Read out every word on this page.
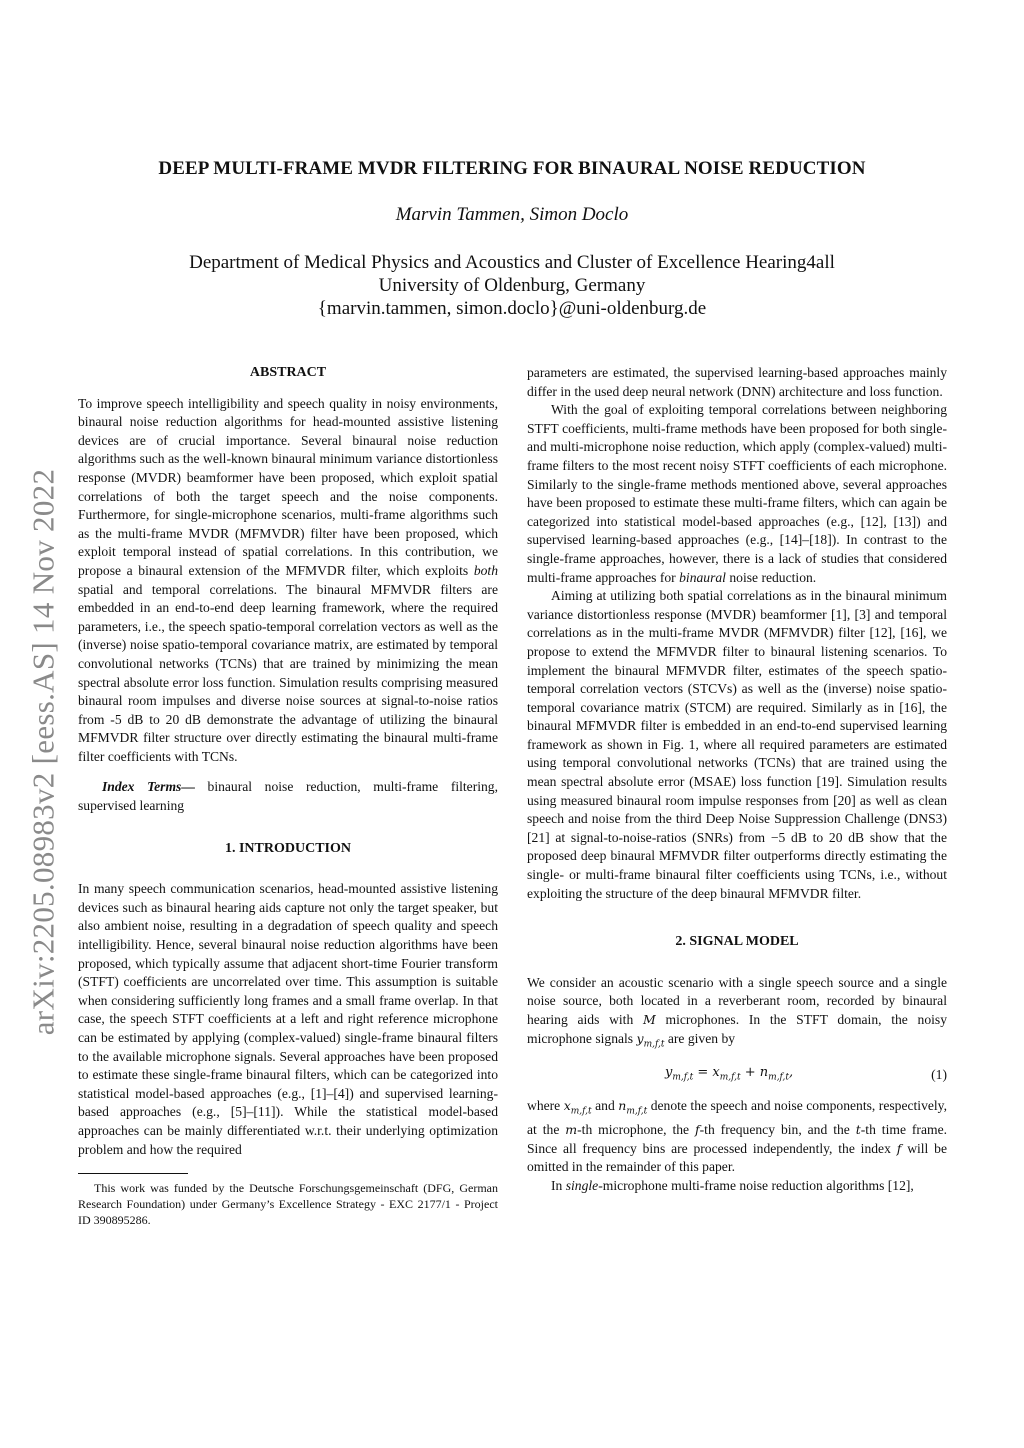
arXiv:2205.08983v2 [eess.AS] 14 Nov 2022
DEEP MULTI-FRAME MVDR FILTERING FOR BINAURAL NOISE REDUCTION
Marvin Tammen, Simon Doclo
Department of Medical Physics and Acoustics and Cluster of Excellence Hearing4all
University of Oldenburg, Germany
{marvin.tammen, simon.doclo}@uni-oldenburg.de
ABSTRACT

To improve speech intelligibility and speech quality in noisy environments, binaural noise reduction algorithms for head-mounted assistive listening devices are of crucial importance. Several binaural noise reduction algorithms such as the well-known binaural minimum variance distortionless response (MVDR) beamformer have been proposed, which exploit spatial correlations of both the target speech and the noise components. Furthermore, for single-microphone scenarios, multi-frame algorithms such as the multi-frame MVDR (MFMVDR) filter have been proposed, which exploit temporal instead of spatial correlations. In this contribution, we propose a binaural extension of the MFMVDR filter, which exploits both spatial and temporal correlations. The binaural MFMVDR filters are embedded in an end-to-end deep learning framework, where the required parameters, i.e., the speech spatio-temporal correlation vectors as well as the (inverse) noise spatio-temporal covariance matrix, are estimated by temporal convolutional networks (TCNs) that are trained by minimizing the mean spectral absolute error loss function. Simulation results comprising measured binaural room impulses and diverse noise sources at signal-to-noise ratios from -5 dB to 20 dB demonstrate the advantage of utilizing the binaural MFMVDR filter structure over directly estimating the binaural multi-frame filter coefficients with TCNs.

Index Terms— binaural noise reduction, multi-frame filtering, supervised learning

1. INTRODUCTION

In many speech communication scenarios, head-mounted assistive listening devices such as binaural hearing aids capture not only the target speaker, but also ambient noise, resulting in a degradation of speech quality and speech intelligibility. Hence, several binaural noise reduction algorithms have been proposed, which typically assume that adjacent short-time Fourier transform (STFT) coefficients are uncorrelated over time. This assumption is suitable when considering sufficiently long frames and a small frame overlap. In that case, the speech STFT coefficients at a left and right reference microphone can be estimated by applying (complex-valued) single-frame binaural filters to the available microphone signals. Several approaches have been proposed to estimate these single-frame binaural filters, which can be categorized into statistical model-based approaches (e.g., [1]–[4]) and supervised learning-based approaches (e.g., [5]–[11]). While the statistical model-based approaches can be mainly differentiated w.r.t. their underlying optimization problem and how the required

This work was funded by the Deutsche Forschungsgemeinschaft (DFG, German Research Foundation) under Germany’s Excellence Strategy - EXC 2177/1 - Project ID 390895286.

parameters are estimated, the supervised learning-based approaches mainly differ in the used deep neural network (DNN) architecture and loss function.

With the goal of exploiting temporal correlations between neighboring STFT coefficients, multi-frame methods have been proposed for both single- and multi-microphone noise reduction, which apply (complex-valued) multi-frame filters to the most recent noisy STFT coefficients of each microphone. Similarly to the single-frame methods mentioned above, several approaches have been proposed to estimate these multi-frame filters, which can again be categorized into statistical model-based approaches (e.g., [12], [13]) and supervised learning-based approaches (e.g., [14]–[18]). In contrast to the single-frame approaches, however, there is a lack of studies that considered multi-frame approaches for binaural noise reduction.

Aiming at utilizing both spatial correlations as in the binaural minimum variance distortionless response (MVDR) beamformer [1], [3] and temporal correlations as in the multi-frame MVDR (MFMVDR) filter [12], [16], we propose to extend the MFMVDR filter to binaural listening scenarios. To implement the binaural MFMVDR filter, estimates of the speech spatio-temporal correlation vectors (STCVs) as well as the (inverse) noise spatio-temporal covariance matrix (STCM) are required. Similarly as in [16], the binaural MFMVDR filter is embedded in an end-to-end supervised learning framework as shown in Fig. 1, where all required parameters are estimated using temporal convolutional networks (TCNs) that are trained using the mean spectral absolute error (MSAE) loss function [19]. Simulation results using measured binaural room impulse responses from [20] as well as clean speech and noise from the third Deep Noise Suppression Challenge (DNS3) [21] at signal-to-noise-ratios (SNRs) from −5 dB to 20 dB show that the proposed deep binaural MFMVDR filter outperforms directly estimating the single- or multi-frame binaural filter coefficients using TCNs, i.e., without exploiting the structure of the deep binaural MFMVDR filter.

2. SIGNAL MODEL

We consider an acoustic scenario with a single speech source and a single noise source, both located in a reverberant room, recorded by binaural hearing aids with M microphones. In the STFT domain, the noisy microphone signals $y_{m,f,t}$ are given by

$y_{m,f,t} = x_{m,f,t} + n_{m,f,t}$,	(1)

where $x_{m,f,t}$ and $n_{m,f,t}$ denote the speech and noise components, respectively, at the m-th microphone, the f-th frequency bin, and the t-th time frame. Since all frequency bins are processed independently, the index f will be omitted in the remainder of this paper.

In single-microphone multi-frame noise reduction algorithms [12],
